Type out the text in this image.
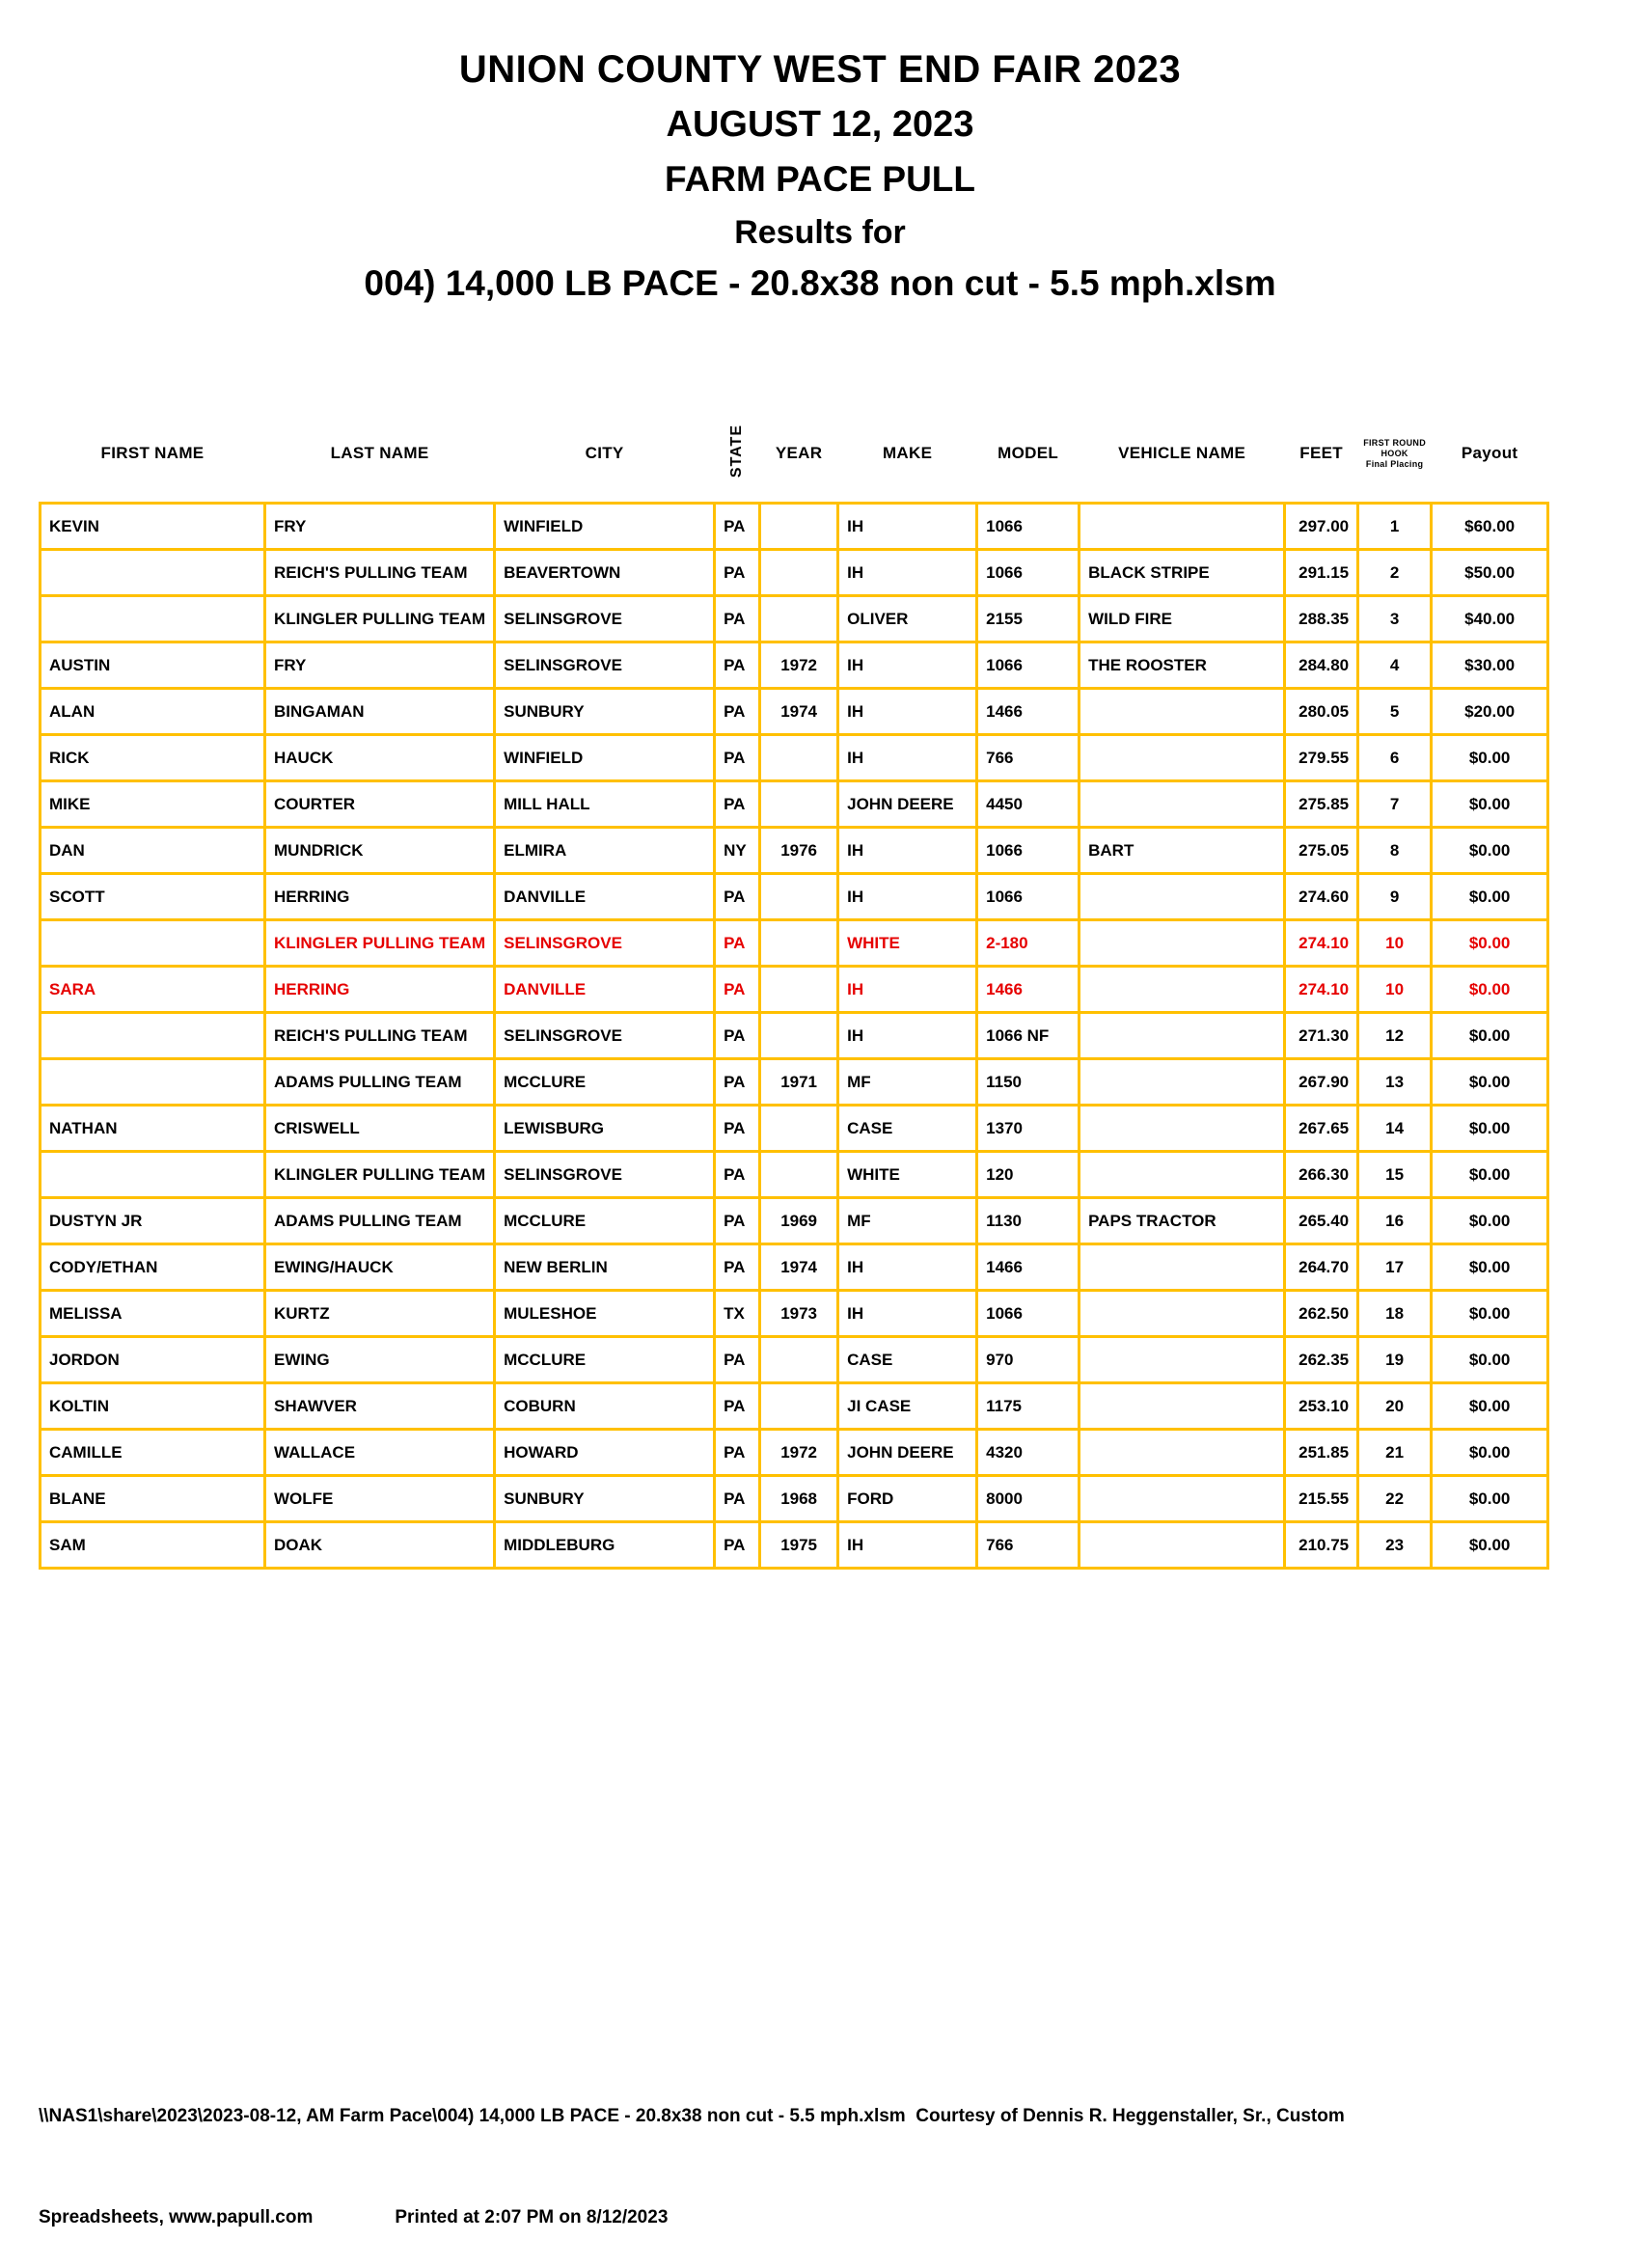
UNION COUNTY WEST END FAIR 2023
AUGUST 12, 2023
FARM PACE PULL
Results for
004) 14,000 LB PACE - 20.8x38 non cut - 5.5 mph.xlsm
FIRST NAME	LAST NAME	CITY	STATE	YEAR	MAKE	MODEL	VEHICLE NAME	FEET	FIRST ROUND
HOOK
Final Placing	Payout
KEVIN	FRY	WINFIELD	PA		IH	1066		297.00	1	$60.00
	REICH'S PULLING TEAM	BEAVERTOWN	PA		IH	1066	BLACK STRIPE	291.15	2	$50.00
	KLINGLER PULLING TEAM	SELINSGROVE	PA		OLIVER	2155	WILD FIRE	288.35	3	$40.00
AUSTIN	FRY	SELINSGROVE	PA	1972	IH	1066	THE ROOSTER	284.80	4	$30.00
ALAN	BINGAMAN	SUNBURY	PA	1974	IH	1466		280.05	5	$20.00
RICK	HAUCK	WINFIELD	PA		IH	766		279.55	6	$0.00
MIKE	COURTER	MILL HALL	PA		JOHN DEERE	4450		275.85	7	$0.00
DAN	MUNDRICK	ELMIRA	NY	1976	IH	1066	BART	275.05	8	$0.00
SCOTT	HERRING	DANVILLE	PA		IH	1066		274.60	9	$0.00
	KLINGLER PULLING TEAM	SELINSGROVE	PA		WHITE	2-180		274.10	10	$0.00
SARA	HERRING	DANVILLE	PA		IH	1466		274.10	10	$0.00
	REICH'S PULLING TEAM	SELINSGROVE	PA		IH	1066 NF		271.30	12	$0.00
	ADAMS PULLING TEAM	MCCLURE	PA	1971	MF	1150		267.90	13	$0.00
NATHAN	CRISWELL	LEWISBURG	PA		CASE	1370		267.65	14	$0.00
	KLINGLER PULLING TEAM	SELINSGROVE	PA		WHITE	120		266.30	15	$0.00
DUSTYN JR	ADAMS PULLING TEAM	MCCLURE	PA	1969	MF	1130	PAPS TRACTOR	265.40	16	$0.00
CODY/ETHAN	EWING/HAUCK	NEW BERLIN	PA	1974	IH	1466		264.70	17	$0.00
MELISSA	KURTZ	MULESHOE	TX	1973	IH	1066		262.50	18	$0.00
JORDON	EWING	MCCLURE	PA		CASE	970		262.35	19	$0.00
KOLTIN	SHAWVER	COBURN	PA		JI CASE	1175		253.10	20	$0.00
CAMILLE	WALLACE	HOWARD	PA	1972	JOHN DEERE	4320		251.85	21	$0.00
BLANE	WOLFE	SUNBURY	PA	1968	FORD	8000		215.55	22	$0.00
SAM	DOAK	MIDDLEBURG	PA	1975	IH	766		210.75	23	$0.00

\\NAS1\share\2023\2023-08-12, AM Farm Pace\004) 14,000 LB PACE - 20.8x38 non cut - 5.5 mph.xlsm  Courtesy of Dennis R. Heggenstaller, Sr., Custom

Spreadsheets, www.papull.com	Printed at 2:07 PM on 8/12/2023
